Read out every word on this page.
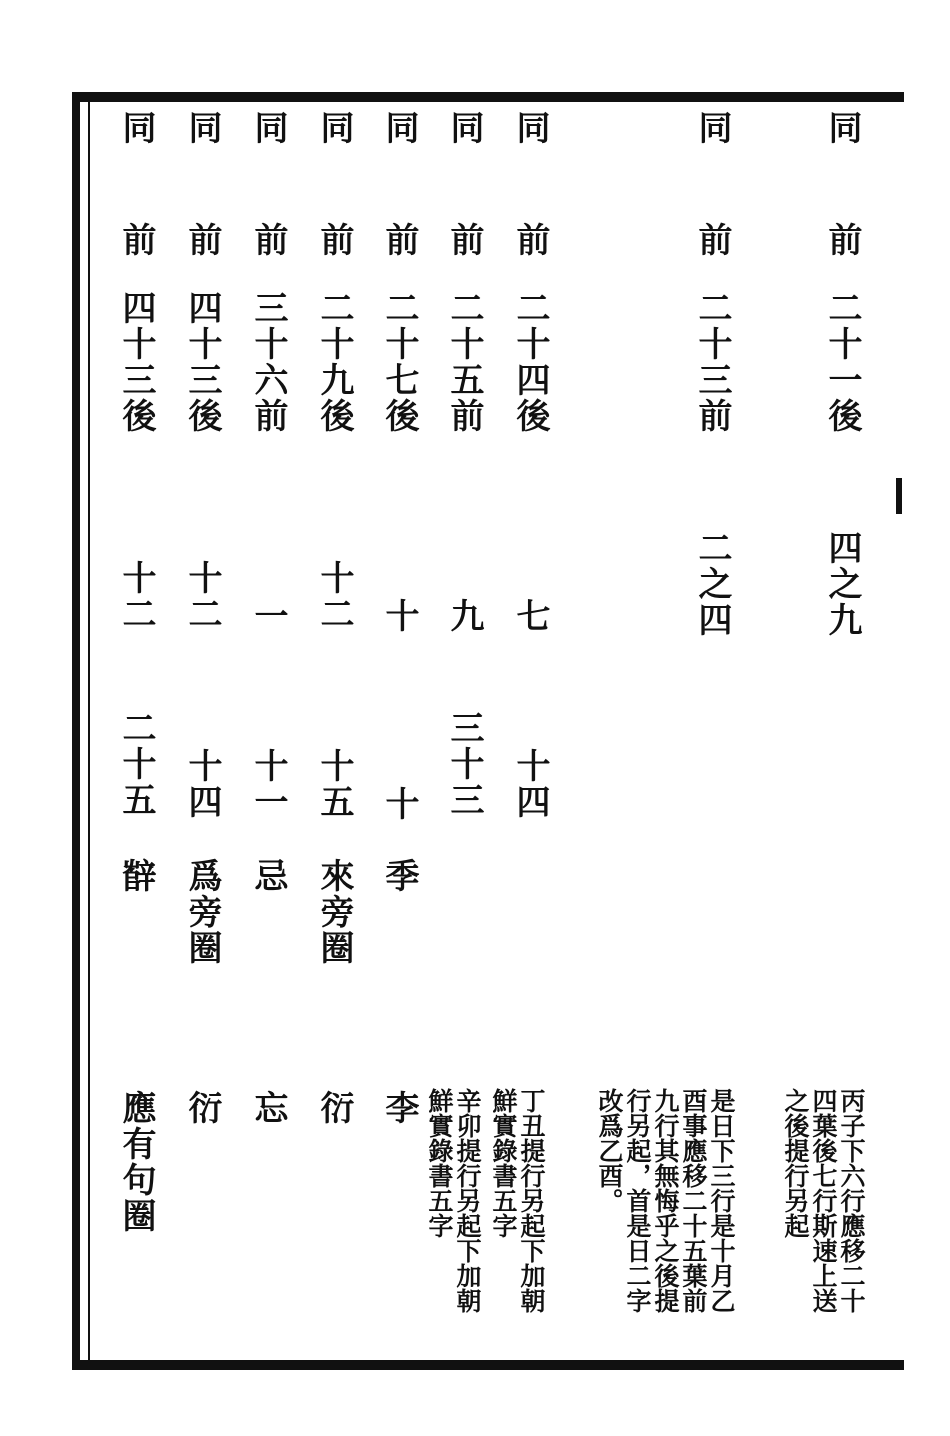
同
前
二十一後
四之九
同
前
二十三前
二之四
同
前
二十四後
七
十四
同
前
二十五前
九
三十三
同
前
二十七後
十
十
季
李
同
前
二十九後
十二
十五
來旁圈
衍
同
前
三十六前
一
十一
忌
忘
同
前
四十三後
十二
十四
爲旁圈
衍
同
前
四十三後
十二
二十五
辥
應有句圈	丙子下六行應移二十
四葉後七行斯速上送
之後提行另起
是日下三行是十月乙
酉事應移二十五葉前
九行其無悔乎之後提
行另起，首是日二字
改爲乙酉。
丁丑提行另起下加朝
鮮實錄書五字
辛卯提行另起下加朝
鮮實錄書五字
